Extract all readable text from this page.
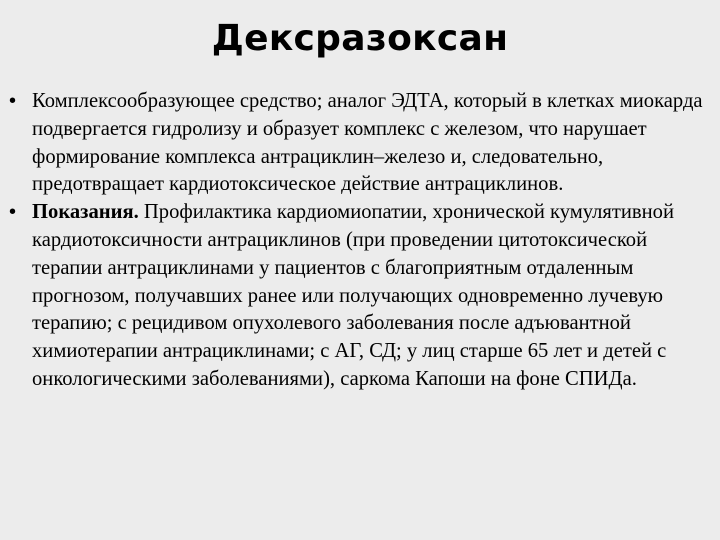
Дексразоксан
• Комплексообразующее средство; аналог ЭДТА, который в клетках миокарда подвергается гидролизу и образует комплекс с железом, что нарушает формирование комплекса антрациклин–железо и, следовательно, предотвращает кардиотоксическое действие антрациклинов.
• Показания. Профилактика кардиомиопатии, хронической кумулятивной кардиотоксичности антрациклинов (при проведении цитотоксической терапии антрациклинами у пациентов с благоприятным отдаленным прогнозом, получавших ранее или получающих одновременно лучевую терапию; с рецидивом опухолевого заболевания после адъювантной химиотерапии антрациклинами; с АГ, СД; у лиц старше 65 лет и детей с онкологическими заболеваниями), саркома Капоши на фоне СПИДа.
